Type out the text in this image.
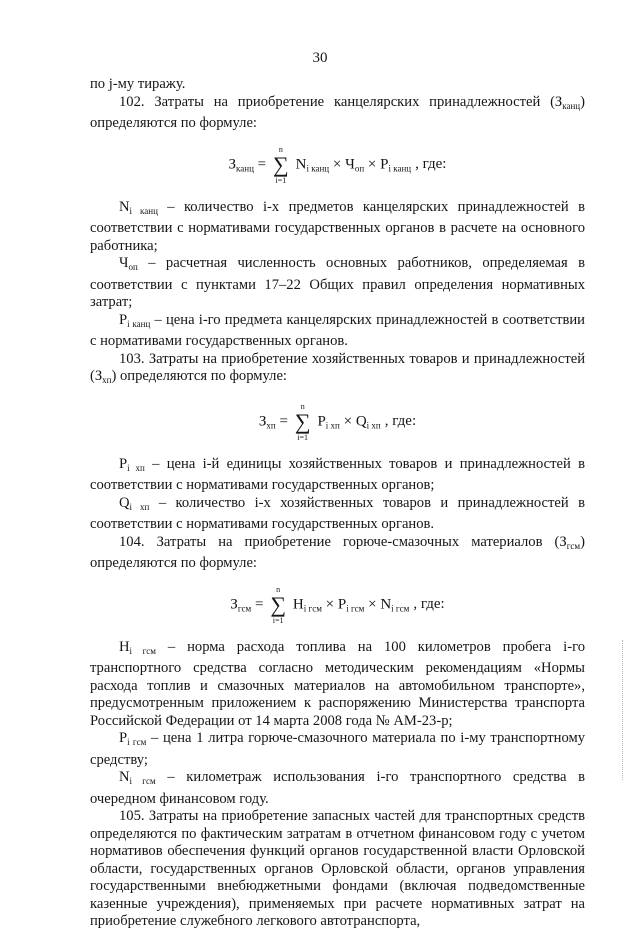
30

по j-му тиражу.

102. Затраты на приобретение канцелярских принадлежностей $(З_{канц})$ определяются по формуле:

$З_{канц}$ =
n
∑
i=1
$N_{i канц} \times Ч_{оп} \times P_{i канц}$ , где:

$N_{i канц}$ – количество i-х предметов канцелярских принадлежностей в соответствии с нормативами государственных органов в расчете на основного работника;

$Ч_{оп}$ – расчетная численность основных работников, определяемая в соответствии с пунктами 17–22 Общих правил определения нормативных затрат;

$P_{i канц}$ – цена i-го предмета канцелярских принадлежностей в соответствии с нормативами государственных органов.

103. Затраты на приобретение хозяйственных товаров и принадлежностей $(З_{хп})$ определяются по формуле:

$З_{хп}$ =
n
∑
i=1
$P_{i хп} \times Q_{i хп}$ , где:

$P_{i хп}$ – цена i-й единицы хозяйственных товаров и принадлежностей в соответствии с нормативами государственных органов;

$Q_{i хп}$ – количество i-х хозяйственных товаров и принадлежностей в соответствии с нормативами государственных органов.

104. Затраты на приобретение горюче-смазочных материалов $(З_{гсм})$ определяются по формуле:

$З_{гсм}$ =
n
∑
i=1
$Н_{i гсм} \times P_{i гсм} \times N_{i гсм}$ , где:

$Н_{i гсм}$ – норма расхода топлива на 100 километров пробега i-го транспортного средства согласно методическим рекомендациям «Нормы расхода топлив и смазочных материалов на автомобильном транспорте», предусмотренным приложением к распоряжению Министерства транспорта Российской Федерации от 14 марта 2008 года № АМ-23-р;

$P_{i гсм}$ – цена 1 литра горюче-смазочного материала по i-му транспортному средству;

$N_{i гсм}$ – километраж использования i-го транспортного средства в очередном финансовом году.

105. Затраты на приобретение запасных частей для транспортных средств определяются по фактическим затратам в отчетном финансовом году с учетом нормативов обеспечения функций органов государственной власти Орловской области, государственных органов Орловской области, органов управления государственными внебюджетными фондами (включая подведомственные казенные учреждения), применяемых при расчете нормативных затрат на приобретение служебного легкового автотранспорта,
